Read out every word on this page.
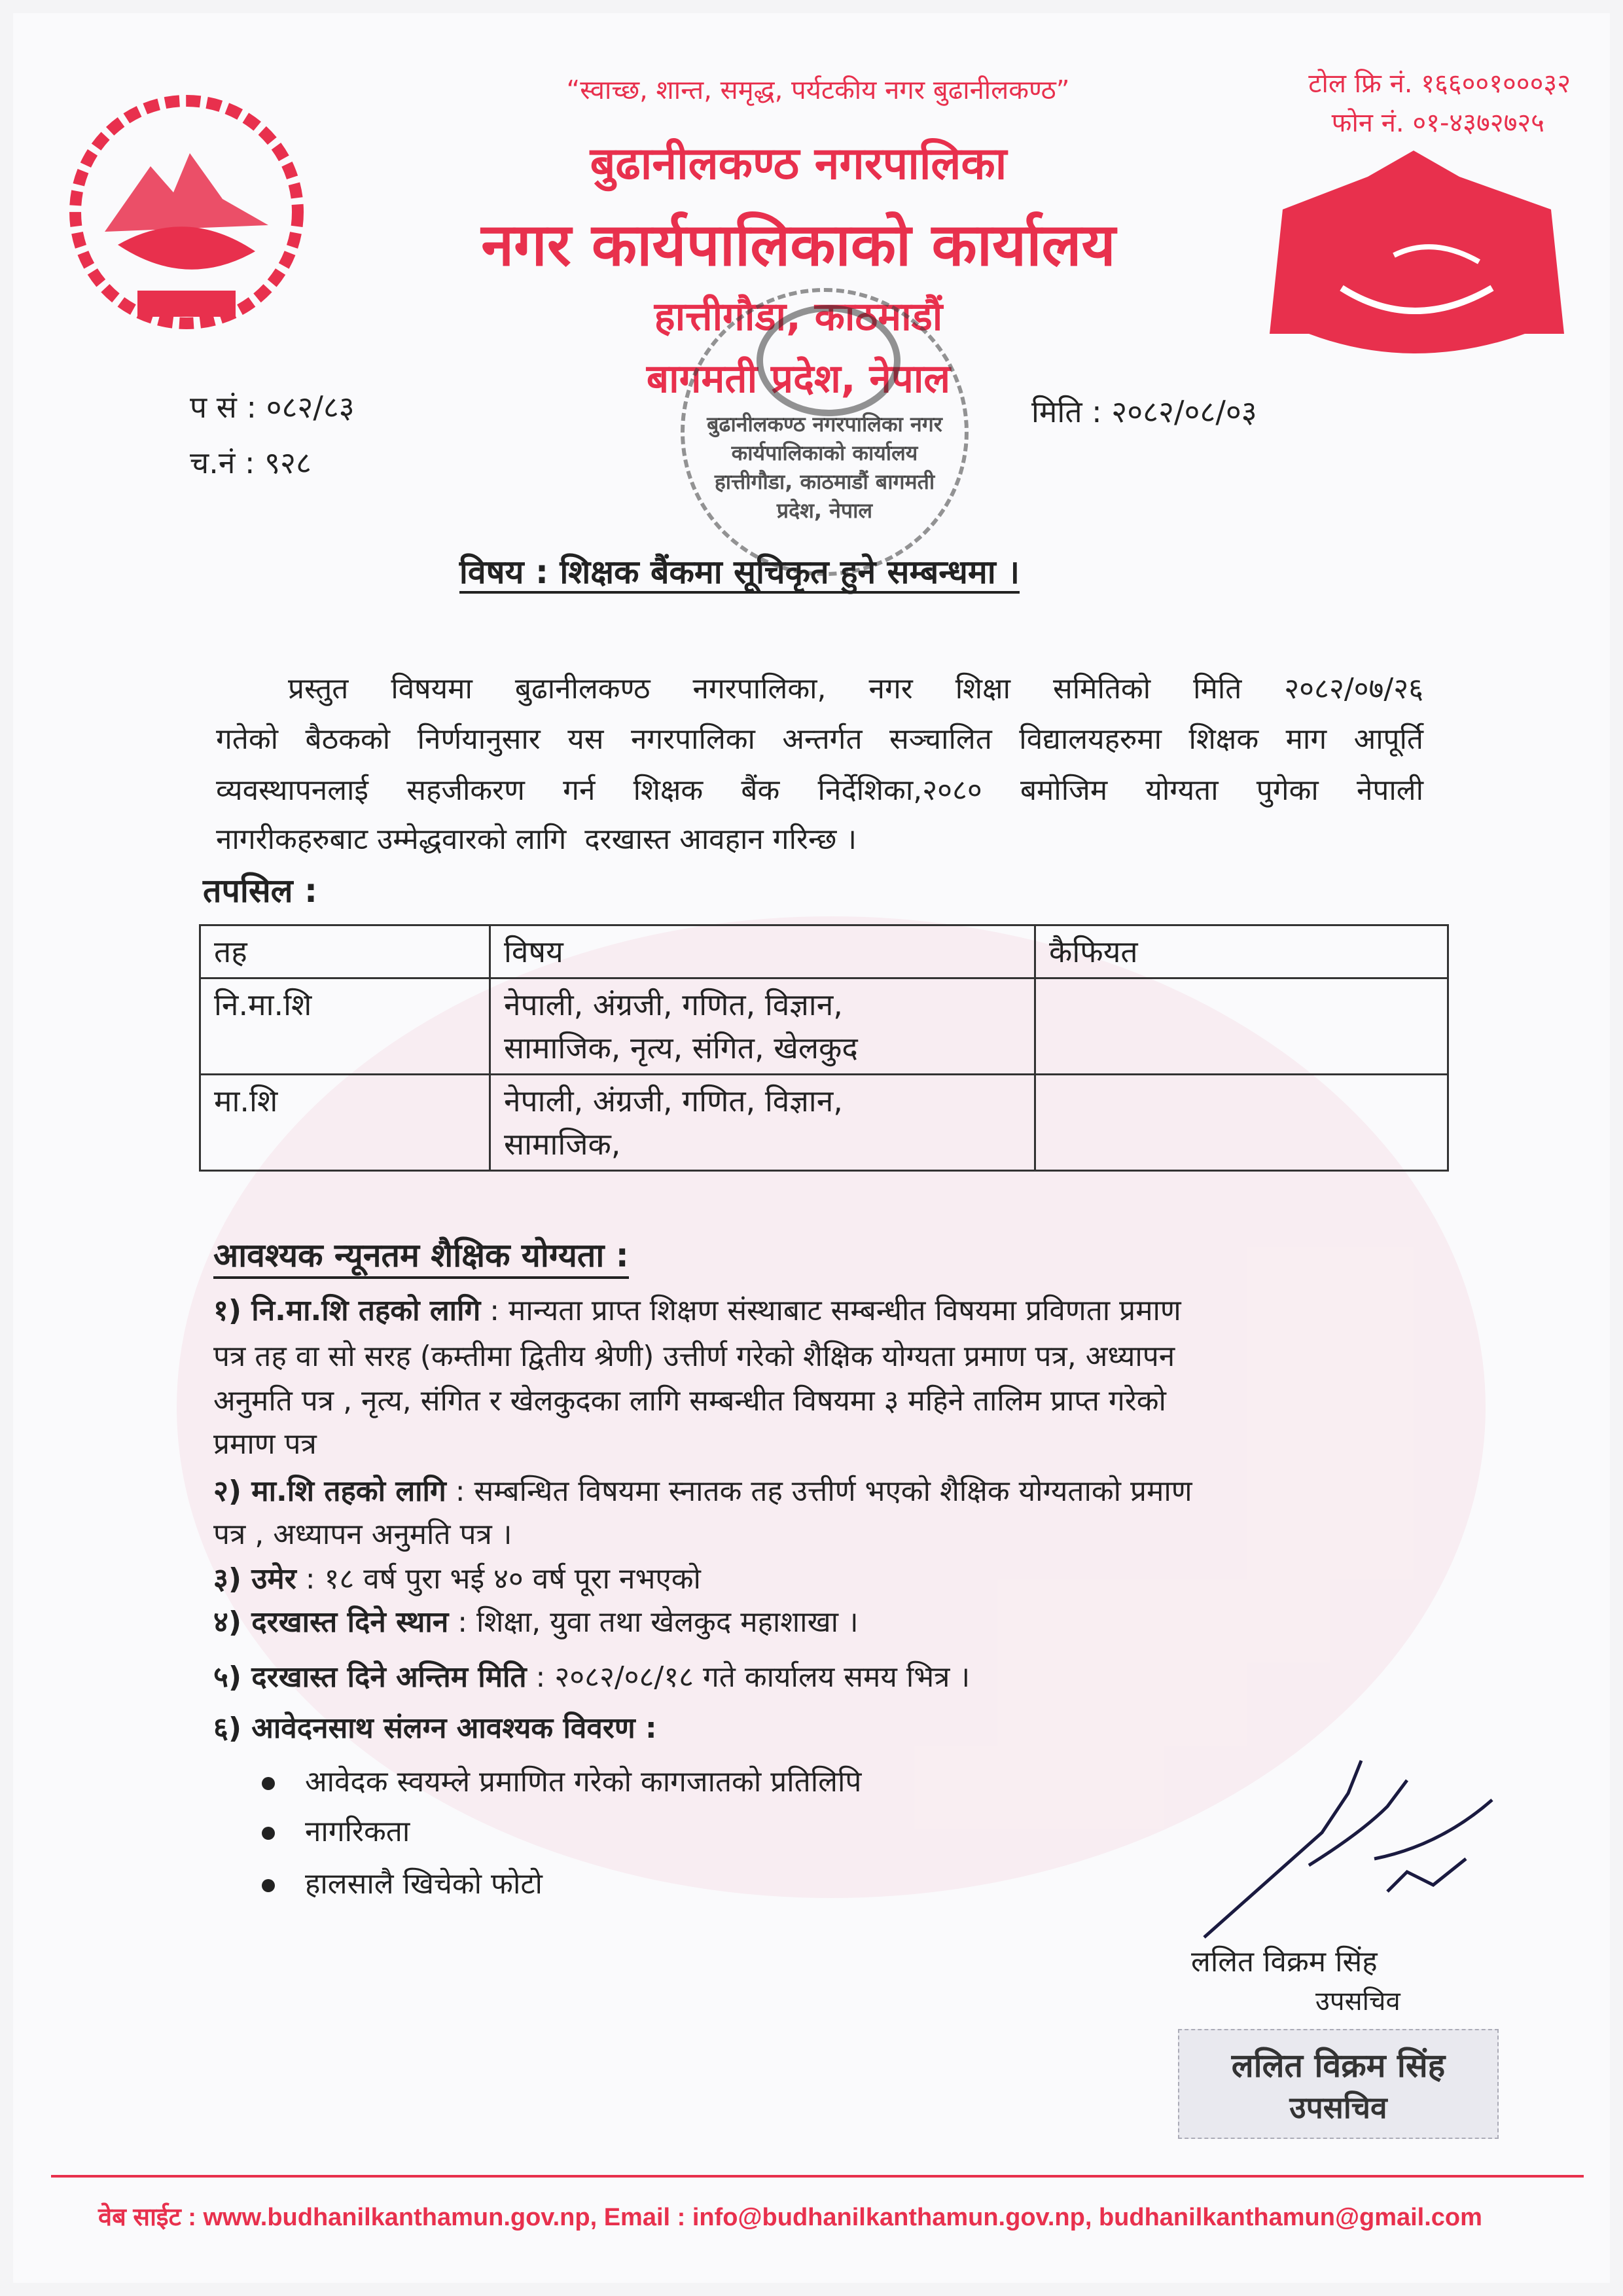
“स्वाच्छ, शान्त, समृद्ध, पर्यटकीय नगर बुढानीलकण्ठ”	टोल फ्रि नं. १६६००१०००३२
फोन नं. ०१-४३७२७२५
बुढानीलकण्ठ नगरपालिका
नगर कार्यपालिकाको कार्यालय
हात्तीगौडा, काठमाडौं
बागमती प्रदेश, नेपाल
बुढानीलकण्ठ नगरपालिका नगर कार्यपालिकाको कार्यालय हात्तीगौडा, काठमाडौं बागमती प्रदेश, नेपाल
प सं : ०८२/८३
च.नं : ९२८
मिति : २०८२/०८/०३
विषय : शिक्षक बैंकमा सूचिकृत हुने सम्बन्धमा ।
प्रस्तुत विषयमा बुढानीलकण्ठ नगरपालिका, नगर शिक्षा समितिको मिति २०८२/०७/२६
गतेको बैठकको निर्णयानुसार यस नगरपालिका अन्तर्गत सञ्चालित विद्यालयहरुमा शिक्षक माग आपूर्ति
व्यवस्थापनलाई सहजीकरण गर्न शिक्षक बैंक निर्देशिका,२०८० बमोजिम योग्यता पुगेका नेपाली
नागरीकहरुबाट उम्मेद्धवारको लागि  दरखास्त आवहान गरिन्छ ।
तपसिल :
तह	विषय	कैफियत
नि.मा.शि	नेपाली, अंग्रजी, गणित, विज्ञान,
सामाजिक, नृत्य, संगित, खेलकुद	

मा.शि	नेपाली, अंग्रजी, गणित, विज्ञान,
सामाजिक,	

आवश्यक न्यूनतम शैक्षिक योग्यता :
१) नि.मा.शि तहको लागि : मान्यता प्राप्त शिक्षण संस्थाबाट सम्बन्धीत विषयमा प्रविणता प्रमाण
पत्र तह वा सो सरह (कम्तीमा द्वितीय श्रेणी) उत्तीर्ण गरेको शैक्षिक योग्यता प्रमाण पत्र, अध्यापन
अनुमति पत्र , नृत्य, संगित र खेलकुदका लागि सम्बन्धीत विषयमा ३ महिने तालिम प्राप्त गरेको
प्रमाण पत्र
२) मा.शि तहको लागि : सम्बन्धित विषयमा स्नातक तह उत्तीर्ण भएको शैक्षिक योग्यताको प्रमाण
पत्र , अध्यापन अनुमति पत्र ।
३) उमेर : १८ वर्ष पुरा भई ४० वर्ष पूरा नभएको
४) दरखास्त दिने स्थान : शिक्षा, युवा तथा खेलकुद महाशाखा ।
५) दरखास्त दिने अन्तिम मिति : २०८२/०८/१८ गते कार्यालय समय भित्र ।
६) आवेदनसाथ संलग्न आवश्यक विवरण :
आवेदक स्वयम्ले प्रमाणित गरेको कागजातको प्रतिलिपि
नागरिकता
हालसालै खिचेको फोटो
ललित विक्रम सिंह
उपसचिव
ललित विक्रम सिंह
उपसचिव
वेब साईट : www.budhanilkanthamun.gov.np, Email : info@budhanilkanthamun.gov.np, budhanilkanthamun@gmail.com
